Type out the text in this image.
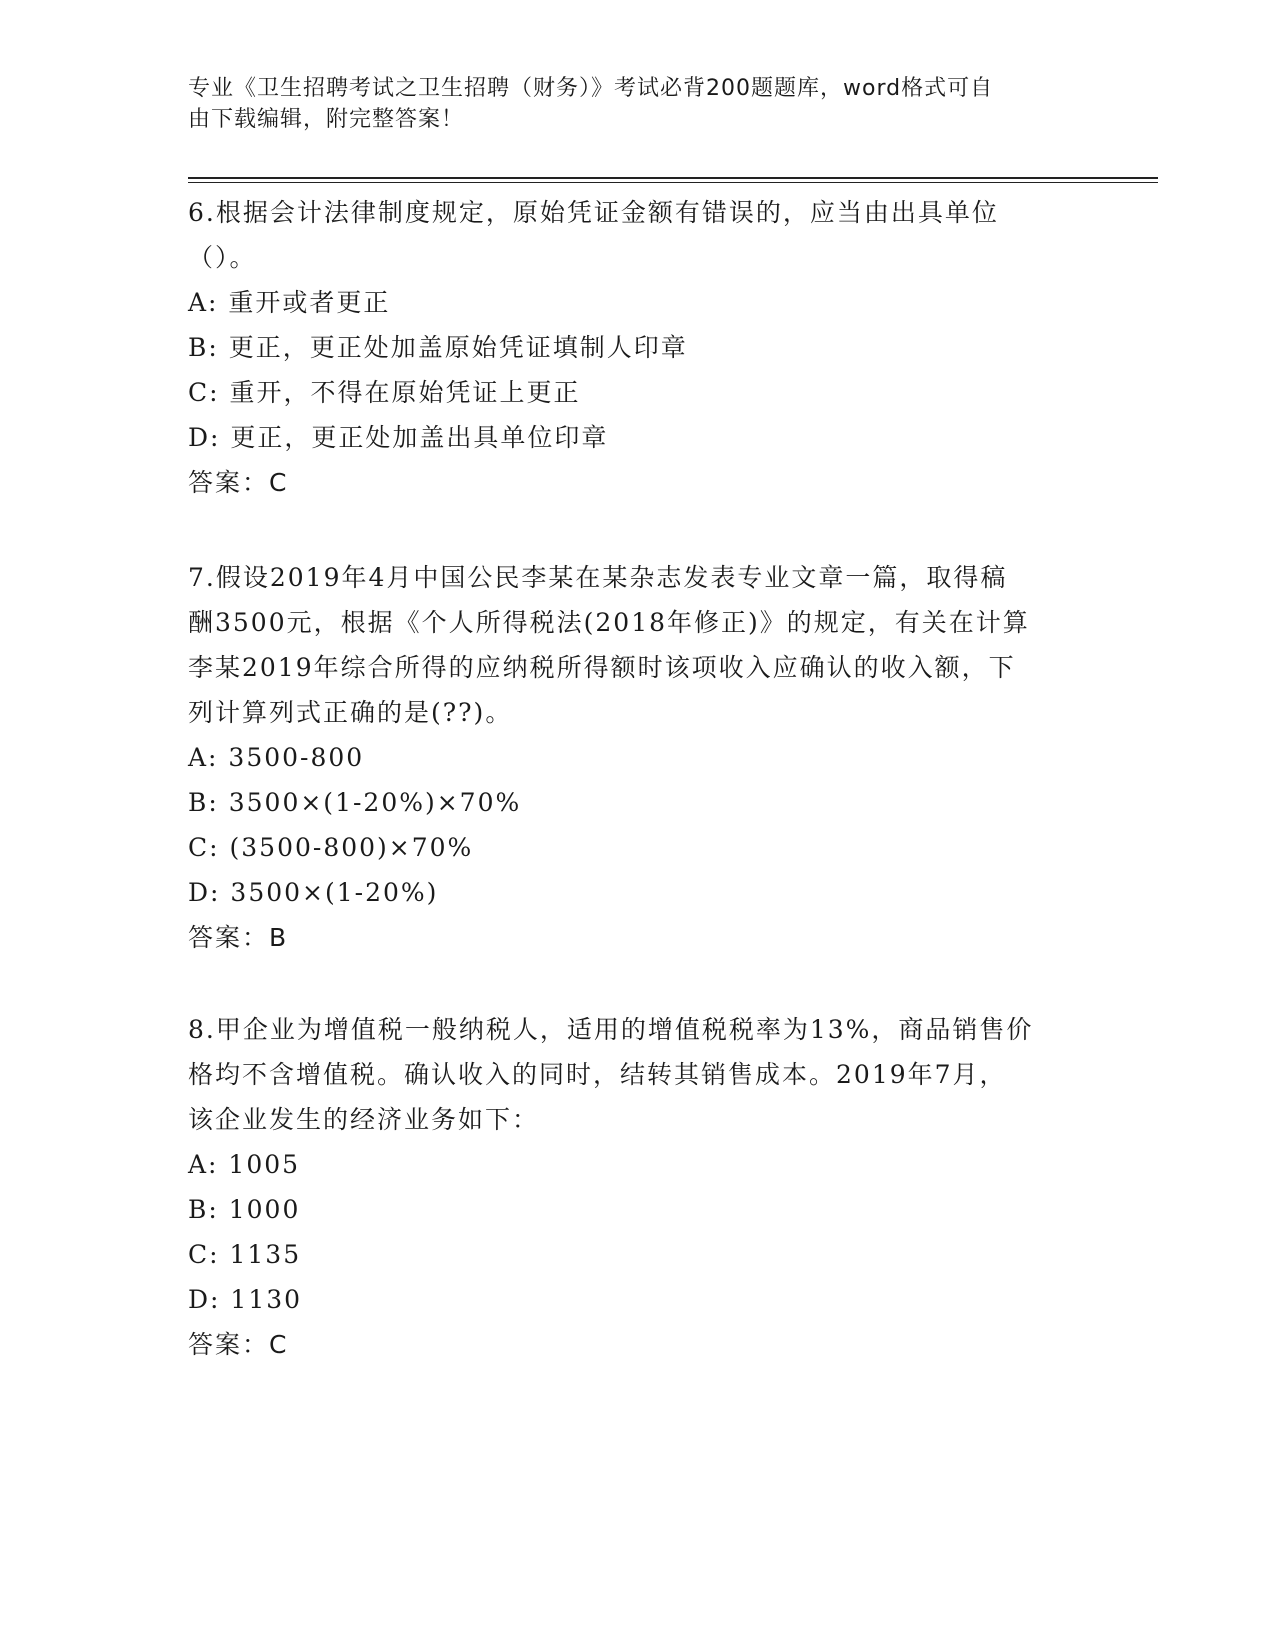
专业《卫生招聘考试之卫生招聘（财务）》考试必背200题题库，word格式可自
由下载编辑，附完整答案！

6.根据会计法律制度规定，原始凭证金额有错误的，应当由出具单位

（）。

A: 重开或者更正

B: 更正，更正处加盖原始凭证填制人印章

C: 重开，不得在原始凭证上更正

D: 更正，更正处加盖出具单位印章

答案：C

7.假设2019年4月中国公民李某在某杂志发表专业文章一篇，取得稿

酬3500元，根据《个人所得税法(2018年修正)》的规定，有关在计算

李某2019年综合所得的应纳税所得额时该项收入应确认的收入额，下

列计算列式正确的是(??)。

A: 3500-800

B: 3500×(1-20%)×70%

C: (3500-800)×70%

D: 3500×(1-20%)

答案：B

8.甲企业为增值税一般纳税人，适用的增值税税率为13%，商品销售价

格均不含增值税。确认收入的同时，结转其销售成本。2019年7月，

该企业发生的经济业务如下：

A: 1005

B: 1000

C: 1135

D: 1130

答案：C
